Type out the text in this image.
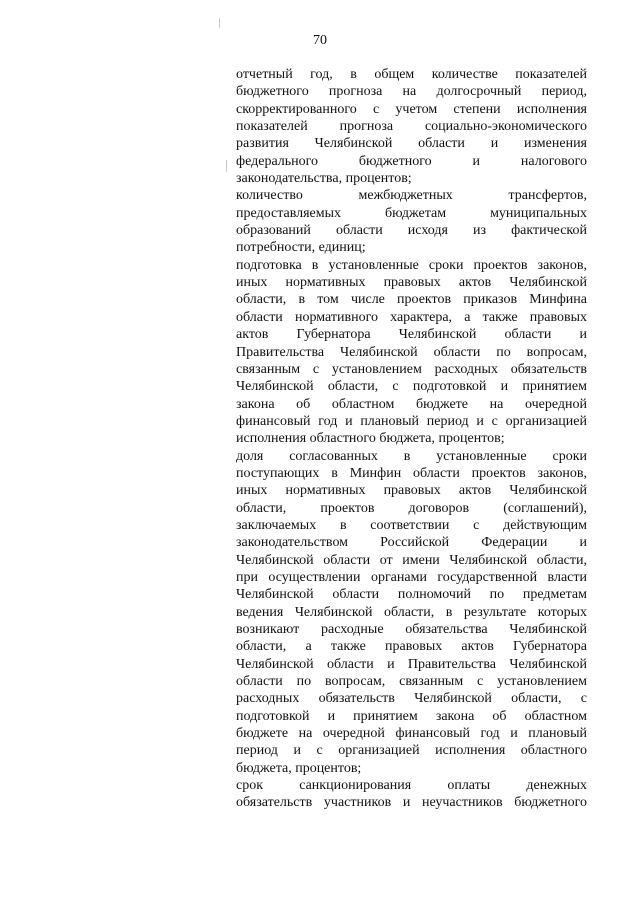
70
отчетный год, в общем количестве показателей
бюджетного прогноза на долгосрочный период,
скорректированного с учетом степени исполнения
показателей прогноза социально-экономического
развития Челябинской области и изменения
федерального бюджетного и налогового
законодательства, процентов;
количество межбюджетных трансфертов,
предоставляемых бюджетам муниципальных
образований области исходя из фактической
потребности, единиц;
подготовка в установленные сроки проектов законов,
иных нормативных правовых актов Челябинской
области, в том числе проектов приказов Минфина
области нормативного характера, а также правовых
актов Губернатора Челябинской области и
Правительства Челябинской области по вопросам,
связанным с установлением расходных обязательств
Челябинской области, с подготовкой и принятием
закона об областном бюджете на очередной
финансовый год и плановый период и с организацией
исполнения областного бюджета, процентов;
доля согласованных в установленные сроки
поступающих в Минфин области проектов законов,
иных нормативных правовых актов Челябинской
области, проектов договоров (соглашений),
заключаемых в соответствии с действующим
законодательством Российской Федерации и
Челябинской области от имени Челябинской области,
при осуществлении органами государственной власти
Челябинской области полномочий по предметам
ведения Челябинской области, в результате которых
возникают расходные обязательства Челябинской
области, а также правовых актов Губернатора
Челябинской области и Правительства Челябинской
области по вопросам, связанным с установлением
расходных обязательств Челябинской области, с
подготовкой и принятием закона об областном
бюджете на очередной финансовый год и плановый
период и с организацией исполнения областного
бюджета, процентов;
срок санкционирования оплаты денежных
обязательств участников и неучастников бюджетного
